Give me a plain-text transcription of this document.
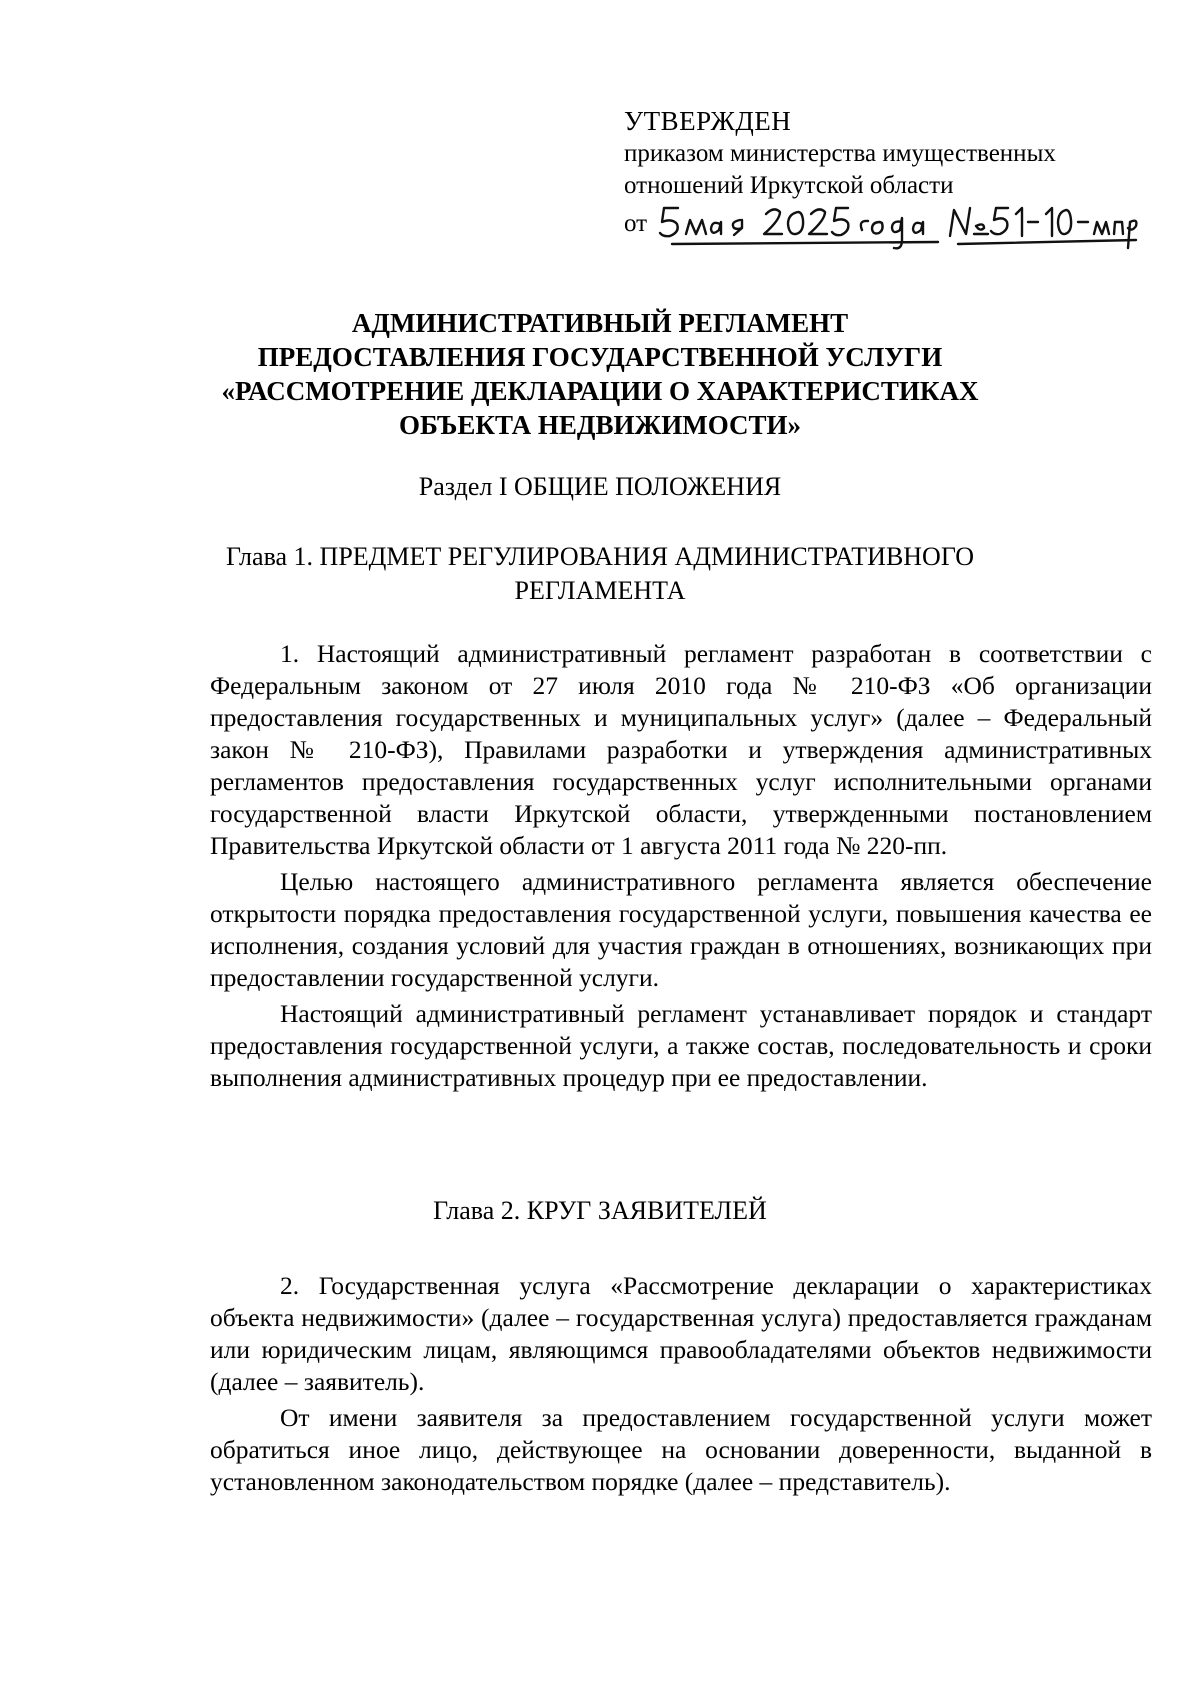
УТВЕРЖДЕН
приказом министерства имущественных
отношений Иркутской области
от
АДМИНИСТРАТИВНЫЙ РЕГЛАМЕНТ
ПРЕДОСТАВЛЕНИЯ ГОСУДАРСТВЕННОЙ УСЛУГИ
«РАССМОТРЕНИЕ ДЕКЛАРАЦИИ О ХАРАКТЕРИСТИКАХ
ОБЪЕКТА НЕДВИЖИМОСТИ»
Раздел I ОБЩИЕ ПОЛОЖЕНИЯ
Глава 1. ПРЕДМЕТ РЕГУЛИРОВАНИЯ АДМИНИСТРАТИВНОГО
РЕГЛАМЕНТА

1. Настоящий административный регламент разработан в соответствии с Федеральным законом от 27 июля 2010 года № 210-ФЗ «Об организации предоставления государственных и муниципальных услуг» (далее – Федеральный закон № 210-ФЗ), Правилами разработки и утверждения административных регламентов предоставления государственных услуг исполнительными органами государственной власти Иркутской области, утвержденными постановлением Правительства Иркутской области от 1 августа 2011 года № 220-пп.

Целью настоящего административного регламента является обеспечение открытости порядка предоставления государственной услуги, повышения качества ее исполнения, создания условий для участия граждан в отношениях, возникающих при предоставлении государственной услуги.

Настоящий административный регламент устанавливает порядок и стандарт предоставления государственной услуги, а также состав, последовательность и сроки выполнения административных процедур при ее предоставлении.

Глава 2. КРУГ ЗАЯВИТЕЛЕЙ

2. Государственная услуга «Рассмотрение декларации о характеристиках объекта недвижимости» (далее – государственная услуга) предоставляется гражданам или юридическим лицам, являющимся правообладателями объектов недвижимости (далее – заявитель).

От имени заявителя за предоставлением государственной услуги может обратиться иное лицо, действующее на основании доверенности, выданной в установленном законодательством порядке (далее – представитель).
